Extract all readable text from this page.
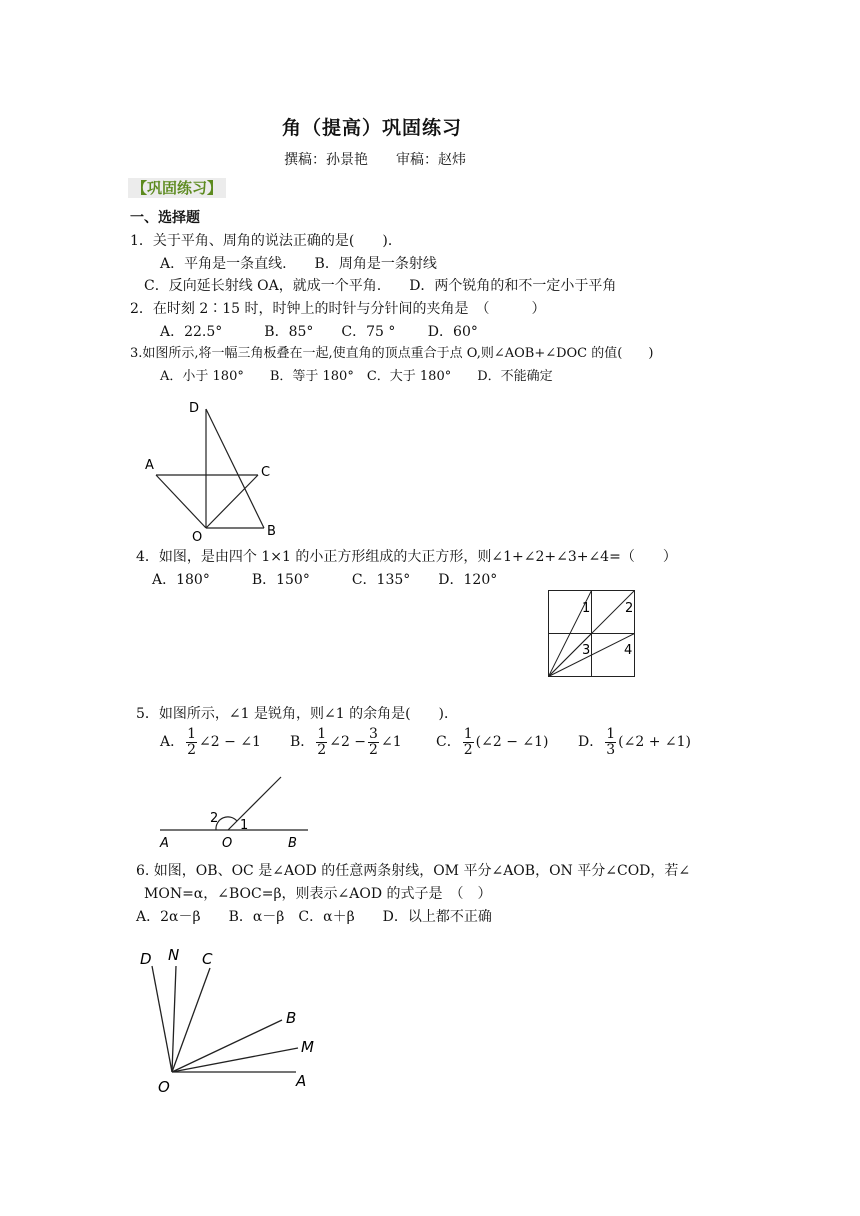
角（提高）巩固练习
撰稿：孙景艳　　审稿：赵炜
【巩固练习】
一、选择题
1．关于平角、周角的说法正确的是(　　)．
A．平角是一条直线.　　B．周角是一条射线
C．反向延长射线 OA，就成一个平角.　　D．两个锐角的和不一定小于平角
2．在时刻 2∶15 时，时钟上的时针与分针间的夹角是　（　　　）
A．22.5°　　　B．85°　　C．75 °　　 D．60°
3.如图所示,将一幅三角板叠在一起,使直角的顶点重合于点 O,则∠AOB+∠DOC 的值(　　)
A．小于 180°　　B．等于 180°　C．大于 180°　　D．不能确定
D
A	C
O	B
4．如图，是由四个 1×1 的小正方形组成的大正方形，则∠1+∠2+∠3+∠4=（　　）
A．180°　　　B．150°　　　C．135°　　D．120°
1	2
3	4
5．如图所示，∠1 是锐角，则∠1 的余角是(　　)．
A． $\frac{1}{2}$ ∠2 − ∠1 B． $\frac{1}{2}$ ∠2 − $\frac{3}{2}$ ∠1 C． $\frac{1}{2}$ (∠2 − ∠1) D． $\frac{1}{3}$ (∠2 + ∠1)
2 1
A	O	B
6. 如图，OB、OC 是∠AOD 的任意两条射线，OM 平分∠AOB，ON 平分∠COD，若∠
MON=α，∠BOC=β，则表示∠AOD 的式子是　（　）
A．2α－β　　B．α－β　C．α＋β　　D．以上都不正确
D N C
B
M
O	A
